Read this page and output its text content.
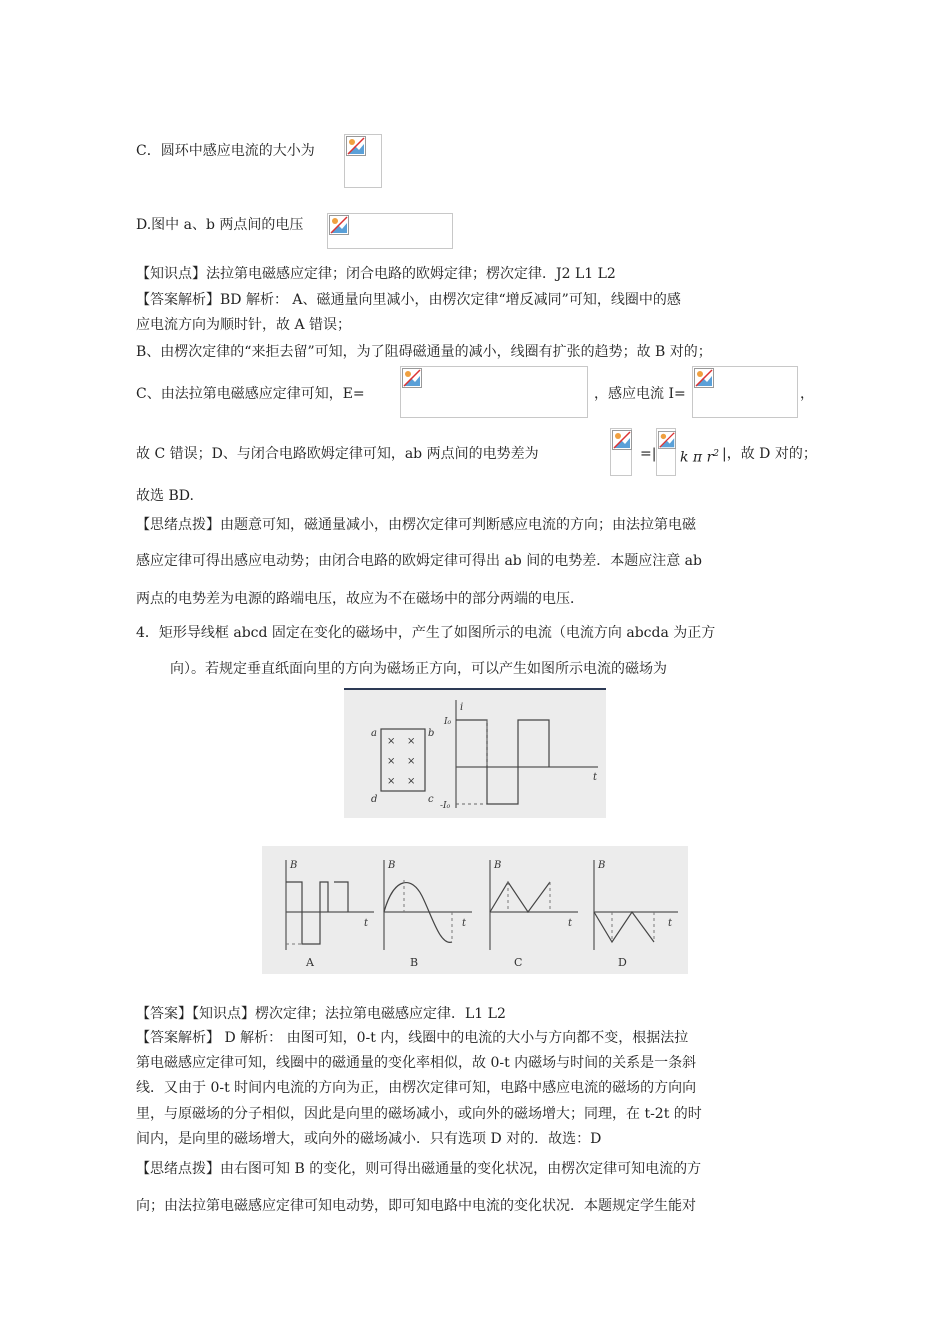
C．圆环中感应电流的大小为
D.图中 a、b 两点间的电压
【知识点】法拉第电磁感应定律；闭合电路的欧姆定律；楞次定律．J2 L1 L2
【答案解析】BD 解析： A、磁通量向里减小，由楞次定律“增反减同”可知，线圈中的感
应电流方向为顺时针，故 A 错误；
B、由楞次定律的“来拒去留”可知，为了阻碍磁通量的减小，线圈有扩张的趋势；故 B 对的；
C、由法拉第电磁感应定律可知，E=	，感应电流 I=	，
故 C 错误；D、与闭合电路欧姆定律可知，ab 两点间的电势差为	=| k π $r^2$ |，故 D 对的；
故选 BD.
【思绪点拨】由题意可知，磁通量减小，由楞次定律可判断感应电流的方向；由法拉第电磁
感应定律可得出感应电动势；由闭合电路的欧姆定律可得出 ab 间的电势差．本题应注意 ab
两点的电势差为电源的路端电压，故应为不在磁场中的部分两端的电压．
4．矩形导线框 abcd 固定在变化的磁场中，产生了如图所示的电流（电流方向 abcda 为正方
向）。若规定垂直纸面向里的方向为磁场正方向，可以产生如图所示电流的磁场为
a	b
c
d
× ×
× ×
× ×
i
t
I₀
-I₀
B
t
A
B
t
B
B
t
C
B
t
D
【答案】【知识点】楞次定律；法拉第电磁感应定律．L1 L2
【答案解析】 D 解析： 由图可知，0-t 内，线圈中的电流的大小与方向都不变，根据法拉
第电磁感应定律可知，线圈中的磁通量的变化率相似，故 0-t 内磁场与时间的关系是一条斜
线．又由于 0-t 时间内电流的方向为正，由楞次定律可知，电路中感应电流的磁场的方向向
里，与原磁场的分子相似，因此是向里的磁场减小，或向外的磁场增大；同理，在 t-2t 的时
间内，是向里的磁场增大，或向外的磁场减小．只有选项 D 对的．故选：D
【思绪点拨】由右图可知 B 的变化，则可得出磁通量的变化状况，由楞次定律可知电流的方
向；由法拉第电磁感应定律可知电动势，即可知电路中电流的变化状况．本题规定学生能对
